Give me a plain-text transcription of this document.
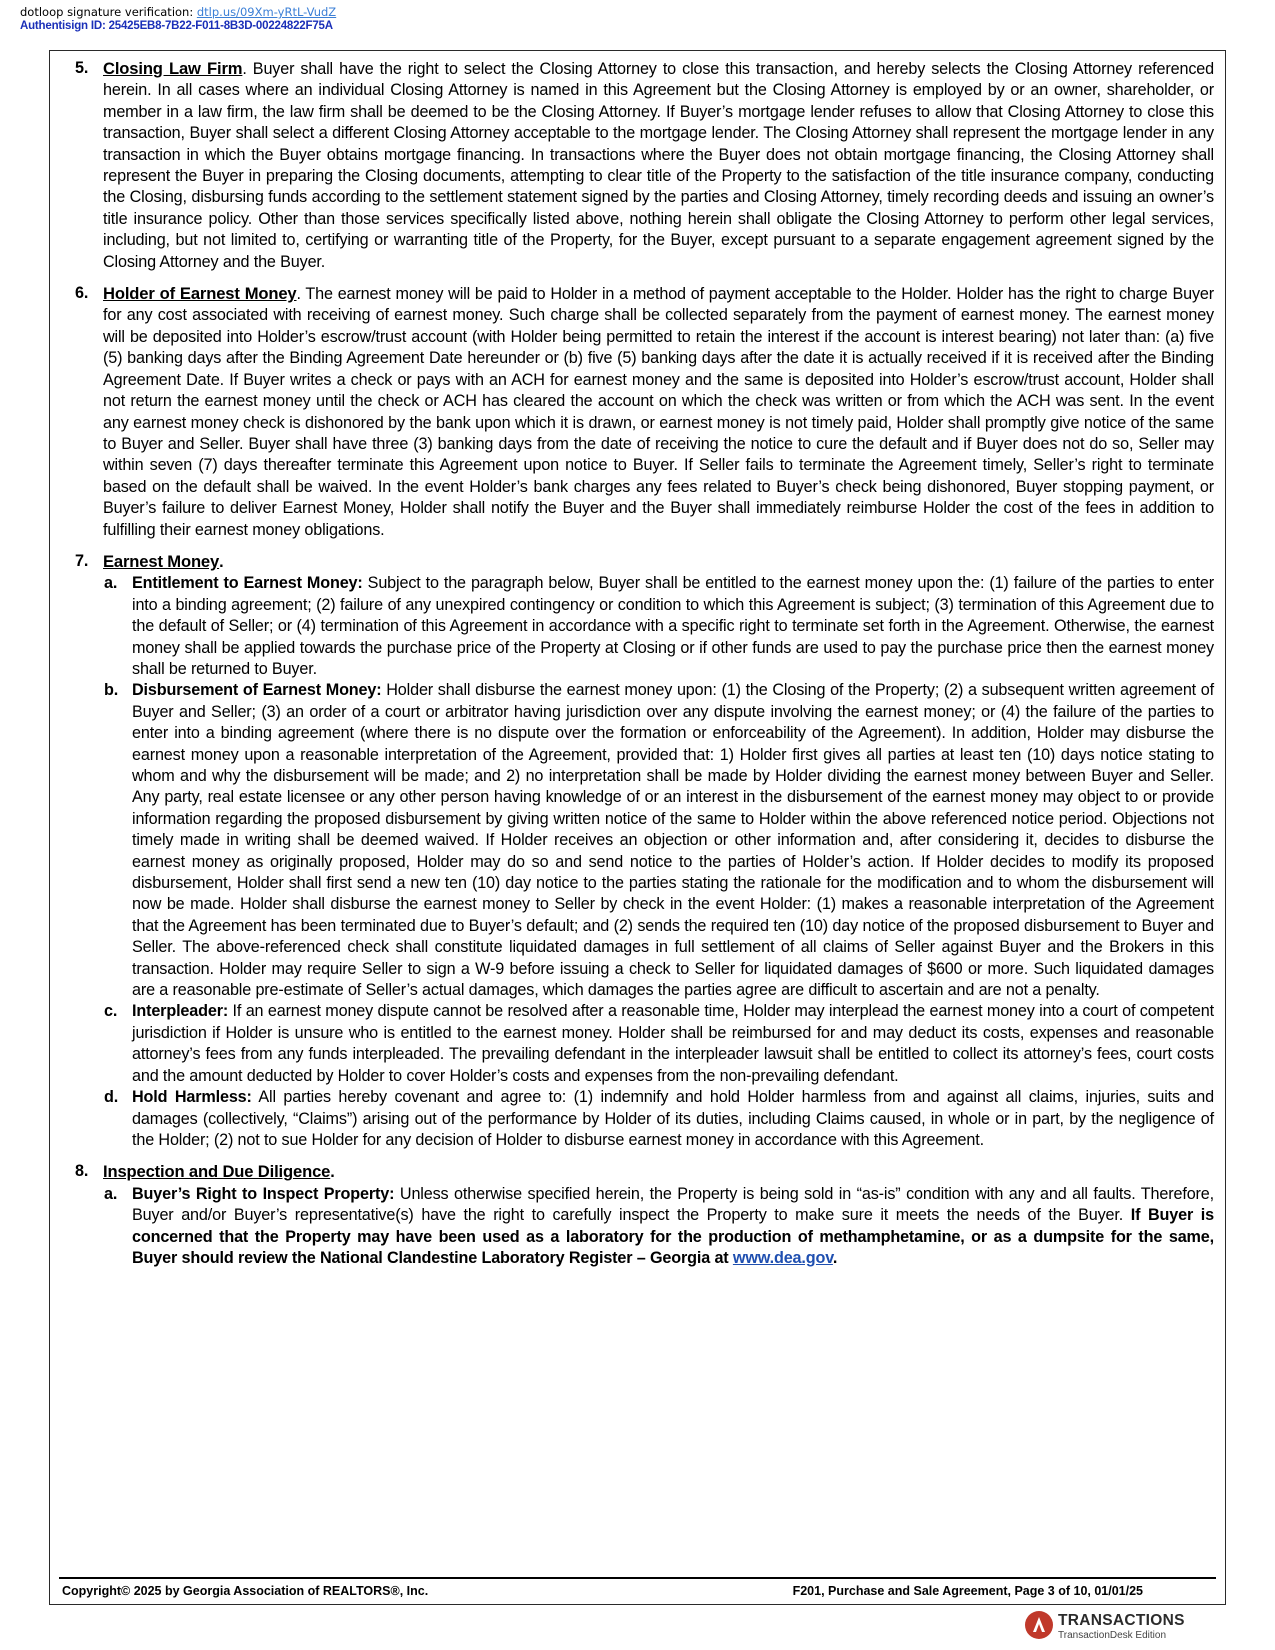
dotloop signature verification: dtlp.us/09Xm-yRtL-VudZ
Authentisign ID: 25425EB8-7B22-F011-8B3D-00224822F75A
5. Closing Law Firm. Buyer shall have the right to select the Closing Attorney to close this transaction, and hereby selects the Closing Attorney referenced herein. In all cases where an individual Closing Attorney is named in this Agreement but the Closing Attorney is employed by or an owner, shareholder, or member in a law firm, the law firm shall be deemed to be the Closing Attorney. If Buyer’s mortgage lender refuses to allow that Closing Attorney to close this transaction, Buyer shall select a different Closing Attorney acceptable to the mortgage lender. The Closing Attorney shall represent the mortgage lender in any transaction in which the Buyer obtains mortgage financing. In transactions where the Buyer does not obtain mortgage financing, the Closing Attorney shall represent the Buyer in preparing the Closing documents, attempting to clear title of the Property to the satisfaction of the title insurance company, conducting the Closing, disbursing funds according to the settlement statement signed by the parties and Closing Attorney, timely recording deeds and issuing an owner’s title insurance policy. Other than those services specifically listed above, nothing herein shall obligate the Closing Attorney to perform other legal services, including, but not limited to, certifying or warranting title of the Property, for the Buyer, except pursuant to a separate engagement agreement signed by the Closing Attorney and the Buyer.
6. Holder of Earnest Money. The earnest money will be paid to Holder in a method of payment acceptable to the Holder. Holder has the right to charge Buyer for any cost associated with receiving of earnest money. Such charge shall be collected separately from the payment of earnest money. The earnest money will be deposited into Holder’s escrow/trust account (with Holder being permitted to retain the interest if the account is interest bearing) not later than: (a) five (5) banking days after the Binding Agreement Date hereunder or (b) five (5) banking days after the date it is actually received if it is received after the Binding Agreement Date. If Buyer writes a check or pays with an ACH for earnest money and the same is deposited into Holder’s escrow/trust account, Holder shall not return the earnest money until the check or ACH has cleared the account on which the check was written or from which the ACH was sent. In the event any earnest money check is dishonored by the bank upon which it is drawn, or earnest money is not timely paid, Holder shall promptly give notice of the same to Buyer and Seller. Buyer shall have three (3) banking days from the date of receiving the notice to cure the default and if Buyer does not do so, Seller may within seven (7) days thereafter terminate this Agreement upon notice to Buyer. If Seller fails to terminate the Agreement timely, Seller’s right to terminate based on the default shall be waived. In the event Holder’s bank charges any fees related to Buyer’s check being dishonored, Buyer stopping payment, or Buyer’s failure to deliver Earnest Money, Holder shall notify the Buyer and the Buyer shall immediately reimburse Holder the cost of the fees in addition to fulfilling their earnest money obligations.
7. Earnest Money.
a. Entitlement to Earnest Money: Subject to the paragraph below, Buyer shall be entitled to the earnest money upon the: (1) failure of the parties to enter into a binding agreement; (2) failure of any unexpired contingency or condition to which this Agreement is subject; (3) termination of this Agreement due to the default of Seller; or (4) termination of this Agreement in accordance with a specific right to terminate set forth in the Agreement. Otherwise, the earnest money shall be applied towards the purchase price of the Property at Closing or if other funds are used to pay the purchase price then the earnest money shall be returned to Buyer.
b. Disbursement of Earnest Money: Holder shall disburse the earnest money upon: (1) the Closing of the Property; (2) a subsequent written agreement of Buyer and Seller; (3) an order of a court or arbitrator having jurisdiction over any dispute involving the earnest money; or (4) the failure of the parties to enter into a binding agreement (where there is no dispute over the formation or enforceability of the Agreement). In addition, Holder may disburse the earnest money upon a reasonable interpretation of the Agreement, provided that: 1) Holder first gives all parties at least ten (10) days notice stating to whom and why the disbursement will be made; and 2) no interpretation shall be made by Holder dividing the earnest money between Buyer and Seller. Any party, real estate licensee or any other person having knowledge of or an interest in the disbursement of the earnest money may object to or provide information regarding the proposed disbursement by giving written notice of the same to Holder within the above referenced notice period. Objections not timely made in writing shall be deemed waived. If Holder receives an objection or other information and, after considering it, decides to disburse the earnest money as originally proposed, Holder may do so and send notice to the parties of Holder’s action. If Holder decides to modify its proposed disbursement, Holder shall first send a new ten (10) day notice to the parties stating the rationale for the modification and to whom the disbursement will now be made. Holder shall disburse the earnest money to Seller by check in the event Holder: (1) makes a reasonable interpretation of the Agreement that the Agreement has been terminated due to Buyer’s default; and (2) sends the required ten (10) day notice of the proposed disbursement to Buyer and Seller. The above-referenced check shall constitute liquidated damages in full settlement of all claims of Seller against Buyer and the Brokers in this transaction. Holder may require Seller to sign a W-9 before issuing a check to Seller for liquidated damages of $600 or more. Such liquidated damages are a reasonable pre-estimate of Seller’s actual damages, which damages the parties agree are difficult to ascertain and are not a penalty.
c. Interpleader: If an earnest money dispute cannot be resolved after a reasonable time, Holder may interplead the earnest money into a court of competent jurisdiction if Holder is unsure who is entitled to the earnest money. Holder shall be reimbursed for and may deduct its costs, expenses and reasonable attorney’s fees from any funds interpleaded. The prevailing defendant in the interpleader lawsuit shall be entitled to collect its attorney’s fees, court costs and the amount deducted by Holder to cover Holder’s costs and expenses from the non-prevailing defendant.
d. Hold Harmless: All parties hereby covenant and agree to: (1) indemnify and hold Holder harmless from and against all claims, injuries, suits and damages (collectively, “Claims”) arising out of the performance by Holder of its duties, including Claims caused, in whole or in part, by the negligence of the Holder; (2) not to sue Holder for any decision of Holder to disburse earnest money in accordance with this Agreement.
8. Inspection and Due Diligence.
a. Buyer’s Right to Inspect Property: Unless otherwise specified herein, the Property is being sold in “as-is” condition with any and all faults. Therefore, Buyer and/or Buyer’s representative(s) have the right to carefully inspect the Property to make sure it meets the needs of the Buyer. If Buyer is concerned that the Property may have been used as a laboratory for the production of methamphetamine, or as a dumpsite for the same, Buyer should review the National Clandestine Laboratory Register – Georgia at www.dea.gov.
Copyright© 2025 by Georgia Association of REALTORS®, Inc.	F201, Purchase and Sale Agreement, Page 3 of 10, 01/01/25
TRANSACTIONS
TransactionDesk Edition
